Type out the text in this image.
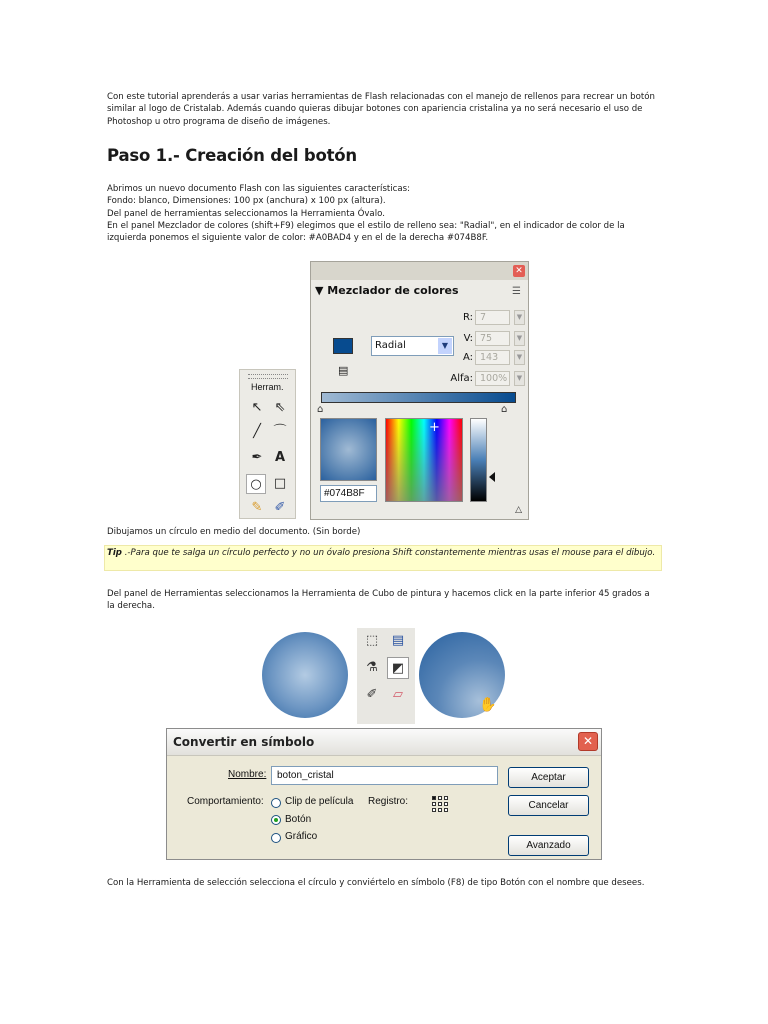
Con este tutorial aprenderás a usar varias herramientas de Flash relacionadas con el manejo de rellenos para recrear un botón similar al logo de Cristalab. Además cuando quieras dibujar botones con apariencia cristalina ya no será necesario el uso de Photoshop u otro programa de diseño de imágenes.

Paso 1.- Creación del botón
Abrimos un nuevo documento Flash con las siguientes características:
Fondo: blanco, Dimensiones: 100 px (anchura) x 100 px (altura).
Del panel de herramientas seleccionamos la Herramienta Óvalo.
En el panel Mezclador de colores (shift+F9) elegimos que el estilo de relleno sea: "Radial", en el indicador de color de la izquierda ponemos el siguiente valor de color: #A0BAD4 y en el de la derecha #074B8F.
Herram.
↖ ⇖
╱ ⌒
✒ A
○ □
✎ ✐
✕
▼ Mezclador de colores	☰
R: 7	▼
V: 75	▼
A: 143	▼
Alfa: 100%	▼
▤
Radial	▼
⌂	⌂
#074B8F
+
△

Dibujamos un círculo en medio del documento. (Sin borde)

Tip .-Para que te salga un círculo perfecto y no un óvalo presiona Shift constantemente mientras usas el mouse para el dibujo.

Del panel de Herramientas seleccionamos la Herramienta de Cubo de pintura y hacemos click en la parte inferior 45 grados a la derecha.

⬚	▤
⚗	◩
✐	▱
✋
Convertir en símbolo	✕
Nombre:	boton_cristal
Comportamiento: Clip de película
Botón
Gráfico
Registro:
Aceptar
Cancelar
Avanzado

Con la Herramienta de selección selecciona el círculo y conviértelo en símbolo (F8) de tipo Botón con el nombre que desees.
